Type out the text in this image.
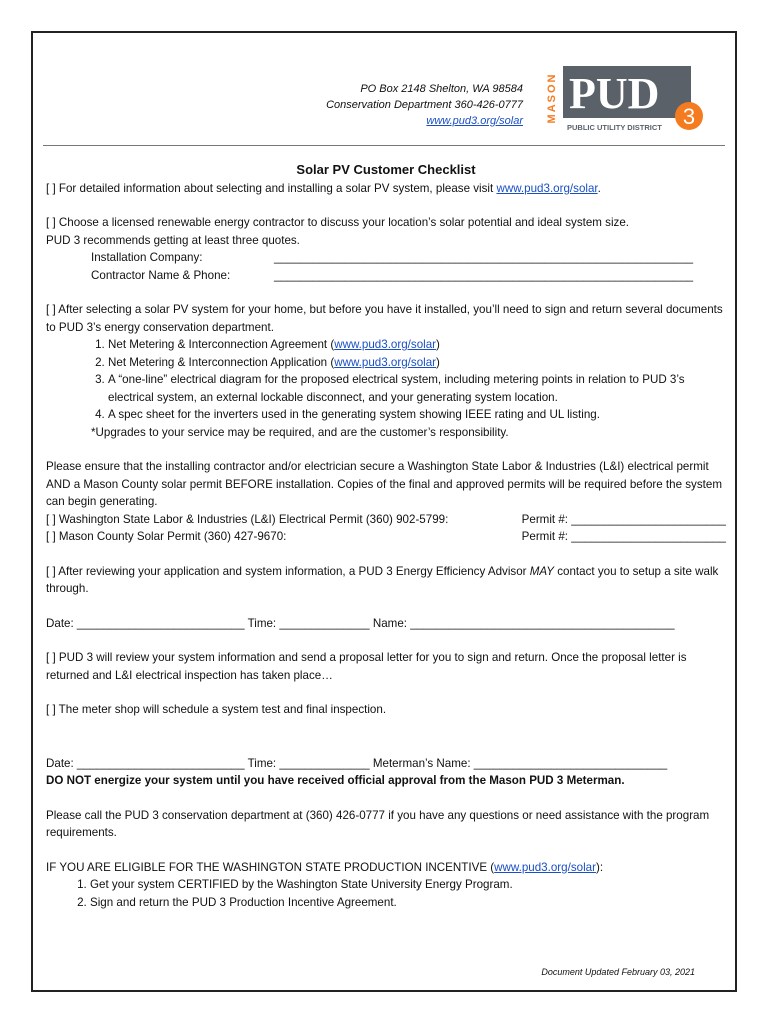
PO Box 2148 Shelton, WA 98584
Conservation Department 360-426-0777
www.pud3.org/solar MASON PUD 3
PUBLIC UTILITY DISTRICT

Solar PV Customer Checklist

[ ] For detailed information about selecting and installing a solar PV system, please visit www.pud3.org/solar.

[ ] Choose a licensed renewable energy contractor to discuss your location’s solar potential and ideal system size.

PUD 3 recommends getting at least three quotes.

Installation Company:	_________________________________________________________________
Contractor Name & Phone:	_________________________________________________________________

[ ] After selecting a solar PV system for your home, but before you have it installed, you’ll need to sign and return several documents to PUD 3’s energy conservation department.

1. Net Metering & Interconnection Agreement (www.pud3.org/solar)
2. Net Metering & Interconnection Application (www.pud3.org/solar)
3. A “one-line” electrical diagram for the proposed electrical system, including metering points in relation to PUD 3’s electrical system, an external lockable disconnect, and your generating system location.
4. A spec sheet for the inverters used in the generating system showing IEEE rating and UL listing.

*Upgrades to your service may be required, and are the customer’s responsibility.

Please ensure that the installing contractor and/or electrician secure a Washington State Labor & Industries (L&I) electrical permit AND a Mason County solar permit BEFORE installation. Copies of the final and approved permits will be required before the system can begin generating.

[ ] Washington State Labor & Industries (L&I) Electrical Permit (360) 902-5799:	Permit #: ________________________
[ ] Mason County Solar Permit (360) 427-9670:	Permit #: ________________________

[ ] After reviewing your application and system information, a PUD 3 Energy Efficiency Advisor MAY contact you to setup a site walk through.

Date: __________________________ Time: ______________ Name: _________________________________________

[ ] PUD 3 will review your system information and send a proposal letter for you to sign and return. Once the proposal letter is returned and L&I electrical inspection has taken place…

[ ] The meter shop will schedule a system test and final inspection.

Date: __________________________ Time: ______________ Meterman’s Name: ______________________________

DO NOT energize your system until you have received official approval from the Mason PUD 3 Meterman.

Please call the PUD 3 conservation department at (360) 426-0777 if you have any questions or need assistance with the program requirements.

IF YOU ARE ELIGIBLE FOR THE WASHINGTON STATE PRODUCTION INCENTIVE (www.pud3.org/solar):

1. Get your system CERTIFIED by the Washington State University Energy Program.
2. Sign and return the PUD 3 Production Incentive Agreement.
Document Updated February 03, 2021
